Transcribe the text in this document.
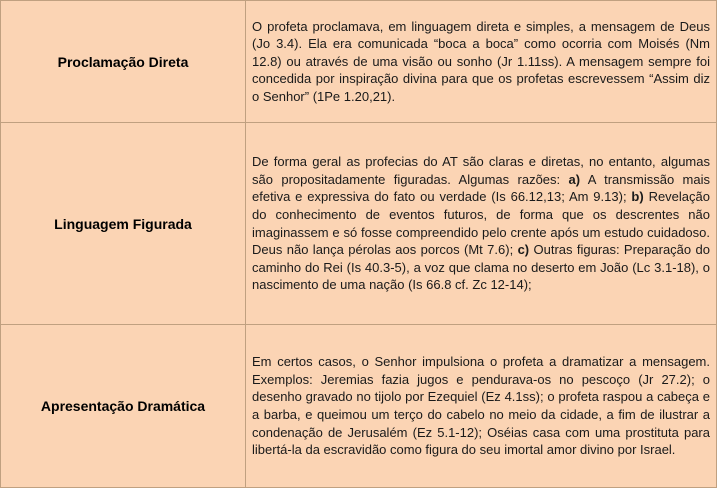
Proclamação Direta	O profeta proclamava, em linguagem direta e simples, a mensagem de Deus (Jo 3.4). Ela era comunicada “boca a boca” como ocorria com Moisés (Nm 12.8) ou através de uma visão ou sonho (Jr 1.11ss). A mensagem sempre foi concedida por inspiração divina para que os profetas escrevessem “Assim diz o Senhor” (1Pe 1.20,21).

Linguagem Figurada	De forma geral as profecias do AT são claras e diretas, no entanto, algumas são propositadamente figuradas. Algumas razões: a) A transmissão mais efetiva e expressiva do fato ou verdade (Is 66.12,13; Am 9.13); b) Revelação do conhecimento de eventos futuros, de forma que os descrentes não imaginassem e só fosse compreendido pelo crente após um estudo cuidadoso. Deus não lança pérolas aos porcos (Mt 7.6); c) Outras figuras: Preparação do caminho do Rei (Is 40.3-5), a voz que clama no deserto em João (Lc 3.1-18), o nascimento de uma nação (Is 66.8 cf. Zc 12-14);

Apresentação Dramática	Em certos casos, o Senhor impulsiona o profeta a dramatizar a mensagem. Exemplos: Jeremias fazia jugos e pendurava-os no pescoço (Jr 27.2); o desenho gravado no tijolo por Ezequiel (Ez 4.1ss); o profeta raspou a cabeça e a barba, e queimou um terço do cabelo no meio da cidade, a fim de ilustrar a condenação de Jerusalém (Ez 5.1-12); Oséias casa com uma prostituta para libertá-la da escravidão como figura do seu imortal amor divino por Israel.
